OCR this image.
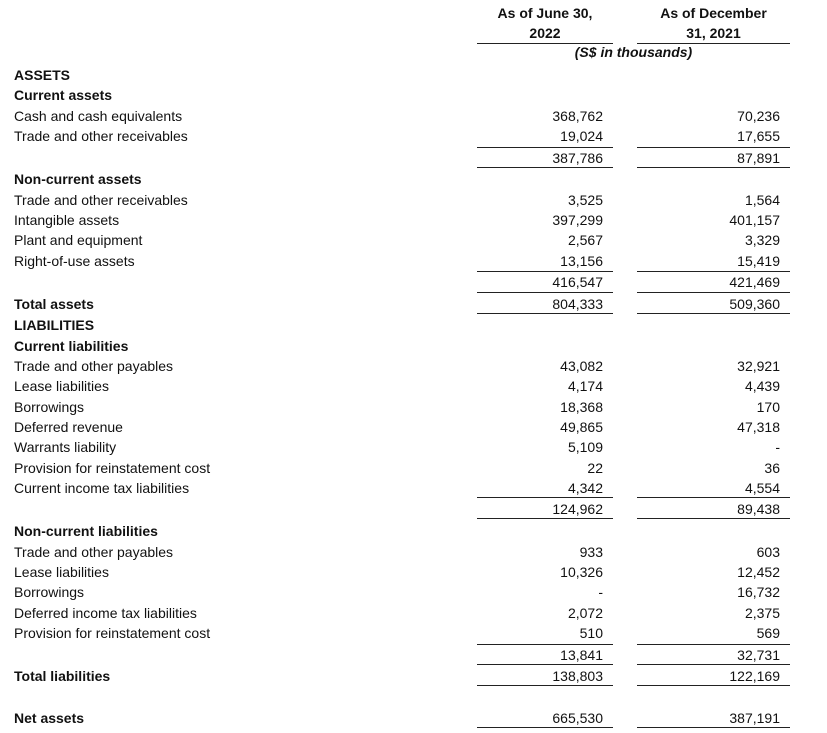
As of June 30,
2022
As of December
31, 2021
(S$ in thousands)
ASSETS
Current assets
Cash and cash equivalents	368,762	70,236
Trade and other receivables	19,024	17,655
387,786	87,891
Non-current assets
Trade and other receivables	3,525	1,564
Intangible assets	397,299	401,157
Plant and equipment	2,567	3,329
Right-of-use assets	13,156	15,419
416,547	421,469
Total assets	804,333	509,360
LIABILITIES
Current liabilities
Trade and other payables	43,082	32,921
Lease liabilities	4,174	4,439
Borrowings	18,368	170
Deferred revenue	49,865	47,318
Warrants liability	5,109	-
Provision for reinstatement cost	22	36
Current income tax liabilities	4,342	4,554
124,962	89,438
Non-current liabilities
Trade and other payables	933	603
Lease liabilities	10,326	12,452
Borrowings	-	16,732
Deferred income tax liabilities	2,072	2,375
Provision for reinstatement cost	510	569
13,841	32,731
Total liabilities	138,803	122,169
Net assets	665,530	387,191
